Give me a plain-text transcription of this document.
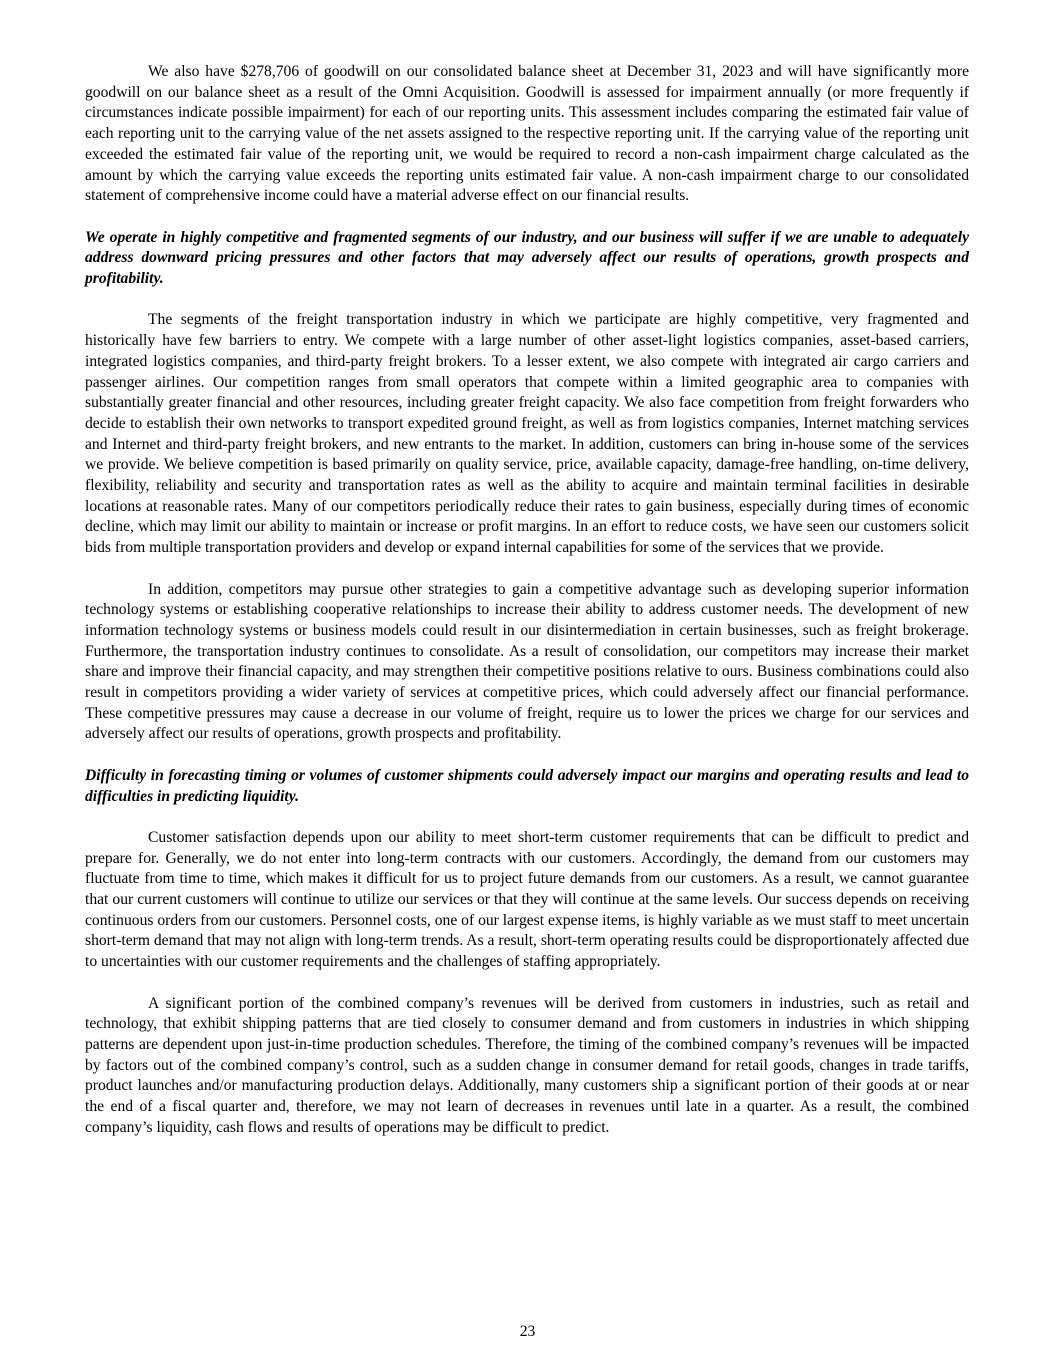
We also have $278,706 of goodwill on our consolidated balance sheet at December 31, 2023 and will have significantly more goodwill on our balance sheet as a result of the Omni Acquisition. Goodwill is assessed for impairment annually (or more frequently if circumstances indicate possible impairment) for each of our reporting units. This assessment includes comparing the estimated fair value of each reporting unit to the carrying value of the net assets assigned to the respective reporting unit. If the carrying value of the reporting unit exceeded the estimated fair value of the reporting unit, we would be required to record a non-cash impairment charge calculated as the amount by which the carrying value exceeds the reporting units estimated fair value. A non-cash impairment charge to our consolidated statement of comprehensive income could have a material adverse effect on our financial results.

We operate in highly competitive and fragmented segments of our industry, and our business will suffer if we are unable to adequately address downward pricing pressures and other factors that may adversely affect our results of operations, growth prospects and profitability.

The segments of the freight transportation industry in which we participate are highly competitive, very fragmented and historically have few barriers to entry. We compete with a large number of other asset-light logistics companies, asset-based carriers, integrated logistics companies, and third-party freight brokers. To a lesser extent, we also compete with integrated air cargo carriers and passenger airlines. Our competition ranges from small operators that compete within a limited geographic area to companies with substantially greater financial and other resources, including greater freight capacity. We also face competition from freight forwarders who decide to establish their own networks to transport expedited ground freight, as well as from logistics companies, Internet matching services and Internet and third-party freight brokers, and new entrants to the market. In addition, customers can bring in-house some of the services we provide. We believe competition is based primarily on quality service, price, available capacity, damage-free handling, on-time delivery, flexibility, reliability and security and transportation rates as well as the ability to acquire and maintain terminal facilities in desirable locations at reasonable rates. Many of our competitors periodically reduce their rates to gain business, especially during times of economic decline, which may limit our ability to maintain or increase or profit margins. In an effort to reduce costs, we have seen our customers solicit bids from multiple transportation providers and develop or expand internal capabilities for some of the services that we provide.

In addition, competitors may pursue other strategies to gain a competitive advantage such as developing superior information technology systems or establishing cooperative relationships to increase their ability to address customer needs. The development of new information technology systems or business models could result in our disintermediation in certain businesses, such as freight brokerage. Furthermore, the transportation industry continues to consolidate. As a result of consolidation, our competitors may increase their market share and improve their financial capacity, and may strengthen their competitive positions relative to ours. Business combinations could also result in competitors providing a wider variety of services at competitive prices, which could adversely affect our financial performance. These competitive pressures may cause a decrease in our volume of freight, require us to lower the prices we charge for our services and adversely affect our results of operations, growth prospects and profitability.

Difficulty in forecasting timing or volumes of customer shipments could adversely impact our margins and operating results and lead to difficulties in predicting liquidity.

Customer satisfaction depends upon our ability to meet short-term customer requirements that can be difficult to predict and prepare for. Generally, we do not enter into long-term contracts with our customers. Accordingly, the demand from our customers may fluctuate from time to time, which makes it difficult for us to project future demands from our customers. As a result, we cannot guarantee that our current customers will continue to utilize our services or that they will continue at the same levels. Our success depends on receiving continuous orders from our customers. Personnel costs, one of our largest expense items, is highly variable as we must staff to meet uncertain short-term demand that may not align with long-term trends. As a result, short-term operating results could be disproportionately affected due to uncertainties with our customer requirements and the challenges of staffing appropriately.

A significant portion of the combined company’s revenues will be derived from customers in industries, such as retail and technology, that exhibit shipping patterns that are tied closely to consumer demand and from customers in industries in which shipping patterns are dependent upon just-in-time production schedules. Therefore, the timing of the combined company’s revenues will be impacted by factors out of the combined company’s control, such as a sudden change in consumer demand for retail goods, changes in trade tariffs, product launches and/or manufacturing production delays. Additionally, many customers ship a significant portion of their goods at or near the end of a fiscal quarter and, therefore, we may not learn of decreases in revenues until late in a quarter. As a result, the combined company’s liquidity, cash flows and results of operations may be difficult to predict.

23
